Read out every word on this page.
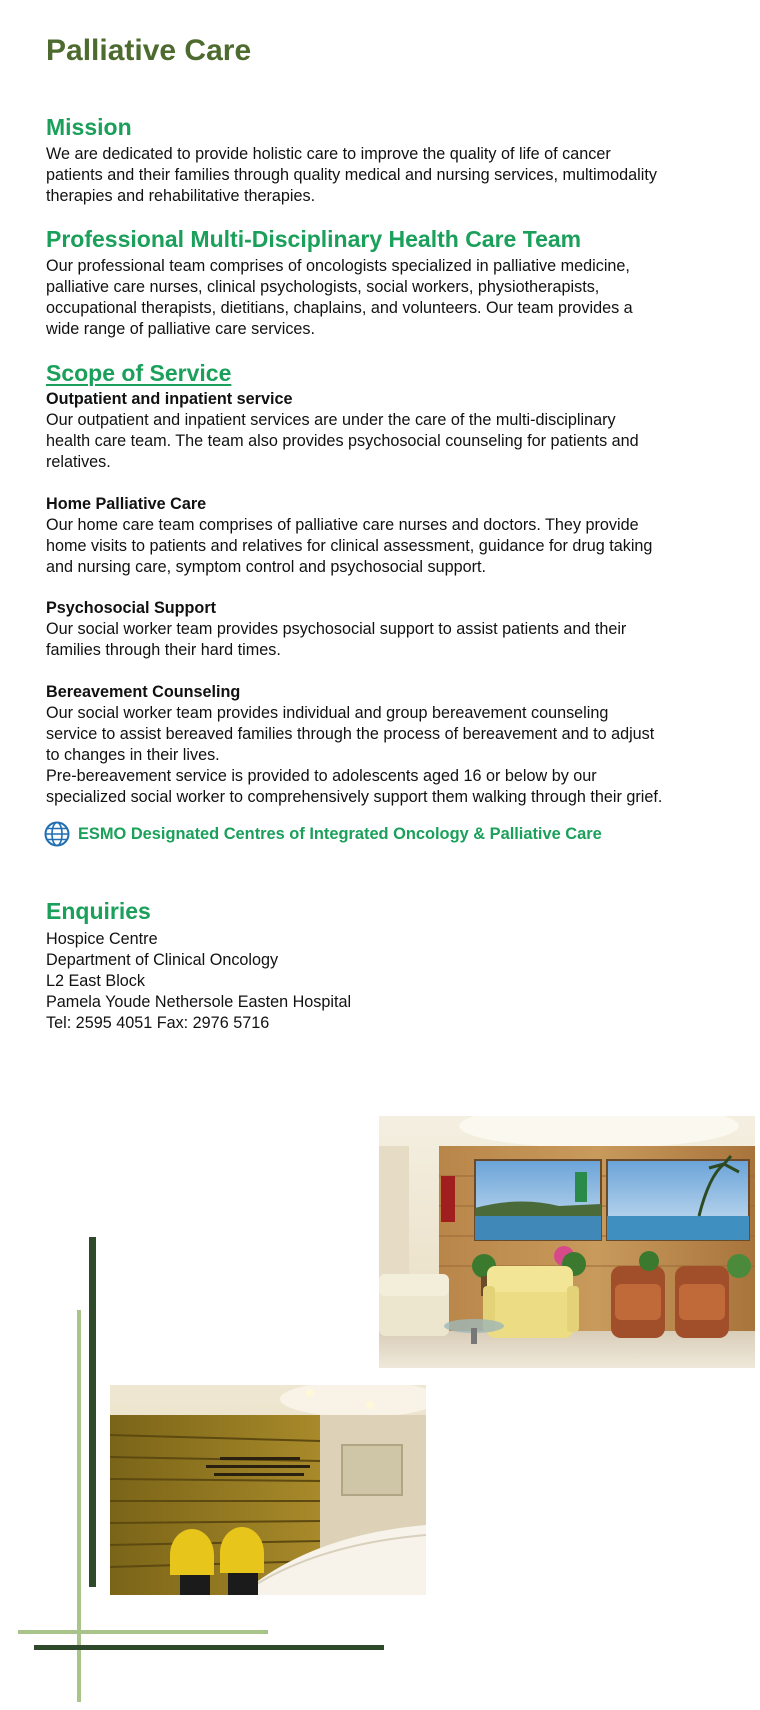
Palliative Care
Mission
We are dedicated to provide holistic care to improve the quality of life of cancer
patients and their families through quality medical and nursing services, multimodality
therapies and rehabilitative therapies.
Professional Multi-Disciplinary Health Care Team
Our professional team comprises of oncologists specialized in palliative medicine,
palliative care nurses, clinical psychologists, social workers, physiotherapists,
occupational therapists, dietitians, chaplains, and volunteers. Our team provides a
wide range of palliative care services.
Scope of Service
Outpatient and inpatient service
Our outpatient and inpatient services are under the care of the multi-disciplinary
health care team. The team also provides psychosocial counseling for patients and
relatives.
Home Palliative Care
Our home care team comprises of palliative care nurses and doctors. They provide
home visits to patients and relatives for clinical assessment, guidance for drug taking
and nursing care, symptom control and psychosocial support.
Psychosocial Support
Our social worker team provides psychosocial support to assist patients and their
families through their hard times.
Bereavement Counseling
Our social worker team provides individual and group bereavement counseling
service to assist bereaved families through the process of bereavement and to adjust
to changes in their lives.
Pre-bereavement service is provided to adolescents aged 16 or below by our
specialized social worker to comprehensively support them walking through their grief.
ESMO Designated Centres of Integrated Oncology & Palliative Care
Enquiries
Hospice Centre
Department of Clinical Oncology
L2 East Block
Pamela Youde Nethersole Easten Hospital
Tel: 2595 4051 Fax: 2976 5716
